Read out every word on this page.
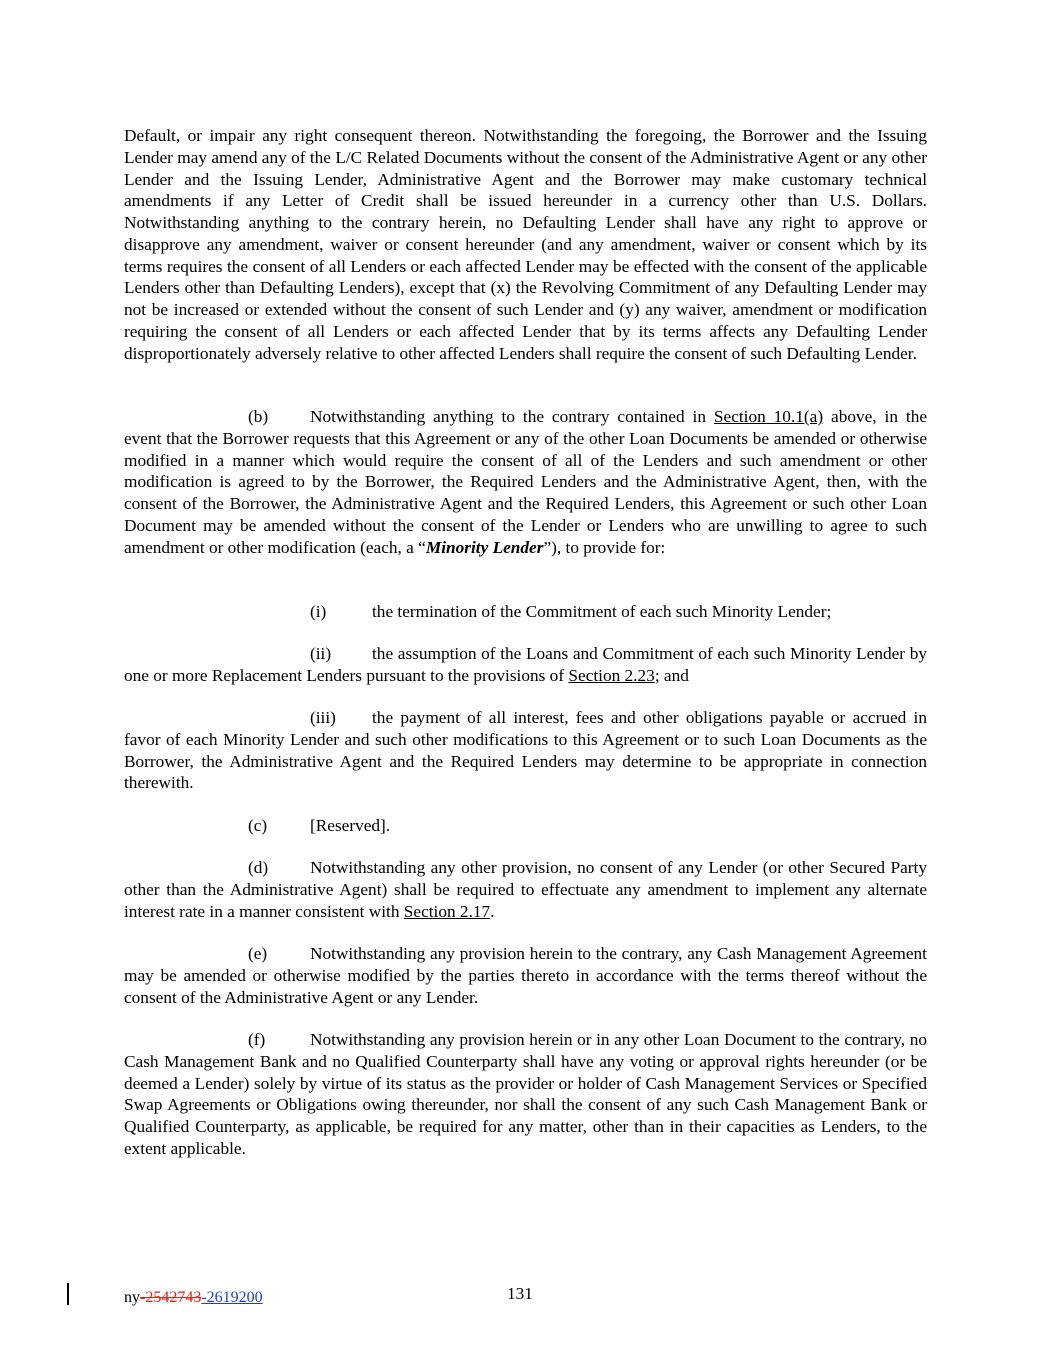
Default, or impair any right consequent thereon. Notwithstanding the foregoing, the Borrower and the Issuing Lender may amend any of the L/C Related Documents without the consent of the Administrative Agent or any other Lender and the Issuing Lender, Administrative Agent and the Borrower may make customary technical amendments if any Letter of Credit shall be issued hereunder in a currency other than U.S. Dollars. Notwithstanding anything to the contrary herein, no Defaulting Lender shall have any right to approve or disapprove any amendment, waiver or consent hereunder (and any amendment, waiver or consent which by its terms requires the consent of all Lenders or each affected Lender may be effected with the consent of the applicable Lenders other than Defaulting Lenders), except that (x) the Revolving Commitment of any Defaulting Lender may not be increased or extended without the consent of such Lender and (y) any waiver, amendment or modification requiring the consent of all Lenders or each affected Lender that by its terms affects any Defaulting Lender disproportionately adversely relative to other affected Lenders shall require the consent of such Defaulting Lender.

(b) Notwithstanding anything to the contrary contained in Section 10.1(a) above, in the event that the Borrower requests that this Agreement or any of the other Loan Documents be amended or otherwise modified in a manner which would require the consent of all of the Lenders and such amendment or other modification is agreed to by the Borrower, the Required Lenders and the Administrative Agent, then, with the consent of the Borrower, the Administrative Agent and the Required Lenders, this Agreement or such other Loan Document may be amended without the consent of the Lender or Lenders who are unwilling to agree to such amendment or other modification (each, a “Minority Lender”), to provide for:

(i)	the termination of the Commitment of each such Minority Lender;

(ii) the assumption of the Loans and Commitment of each such Minority Lender by one or more Replacement Lenders pursuant to the provisions of Section 2.23; and

(iii) the payment of all interest, fees and other obligations payable or accrued in favor of each Minority Lender and such other modifications to this Agreement or to such Loan Documents as the Borrower, the Administrative Agent and the Required Lenders may determine to be appropriate in connection therewith.

(c) [Reserved].

(d) Notwithstanding any other provision, no consent of any Lender (or other Secured Party other than the Administrative Agent) shall be required to effectuate any amendment to implement any alternate interest rate in a manner consistent with Section 2.17.

(e) Notwithstanding any provision herein to the contrary, any Cash Management Agreement may be amended or otherwise modified by the parties thereto in accordance with the terms thereof without the consent of the Administrative Agent or any Lender.

(f)	Notwithstanding any provision herein or in any other Loan Document to the contrary, no Cash Management Bank and no Qualified Counterparty shall have any voting or approval rights hereunder (or be deemed a Lender) solely by virtue of its status as the provider or holder of Cash Management Services or Specified Swap Agreements or Obligations owing thereunder, nor shall the consent of any such Cash Management Bank or Qualified Counterparty, as applicable, be required for any matter, other than in their capacities as Lenders, to the extent applicable.

ny-2542743-2619200	131
